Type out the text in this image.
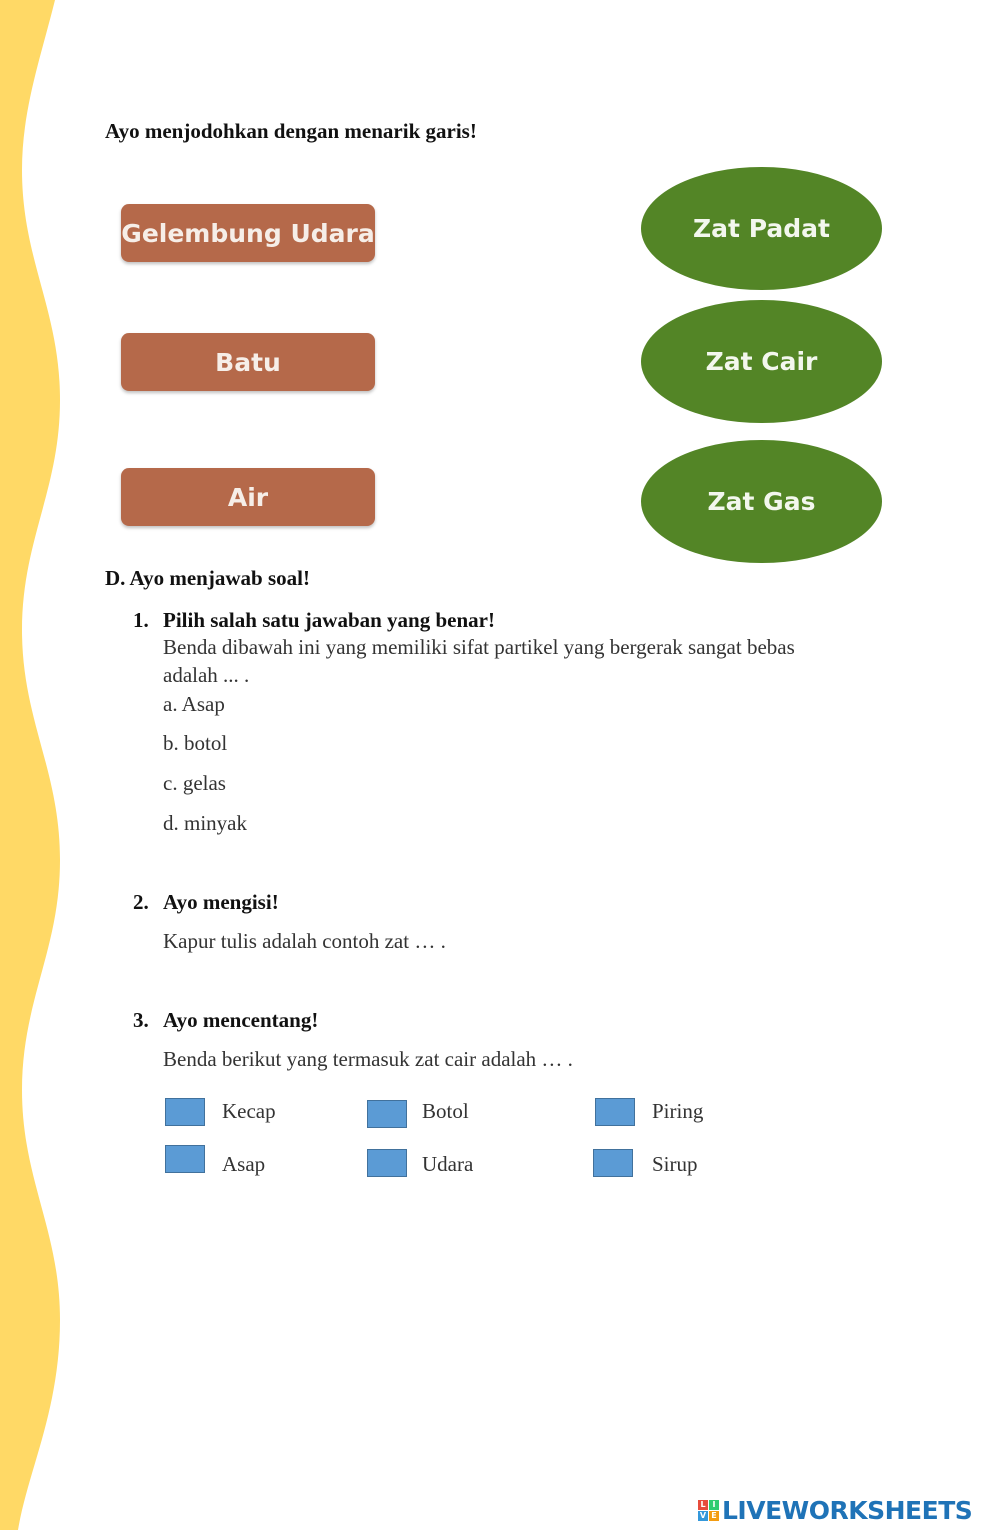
Ayo menjodohkan dengan menarik garis!
Gelembung Udara
Batu
Air
Zat Padat
Zat Cair
Zat Gas
D. Ayo menjawab soal!
1. Pilih salah satu jawaban yang benar!
Benda dibawah ini yang memiliki sifat partikel yang bergerak sangat bebas
adalah ... .
a. Asap
b. botol
c. gelas
d. minyak
2. Ayo mengisi!
Kapur tulis adalah contoh zat … .
3. Ayo mencentang!
Benda berikut yang termasuk zat cair adalah … .
Kecap	Botol	Piring
Asap	Udara	Sirup
L I
V E LIVEWORKSHEETS
